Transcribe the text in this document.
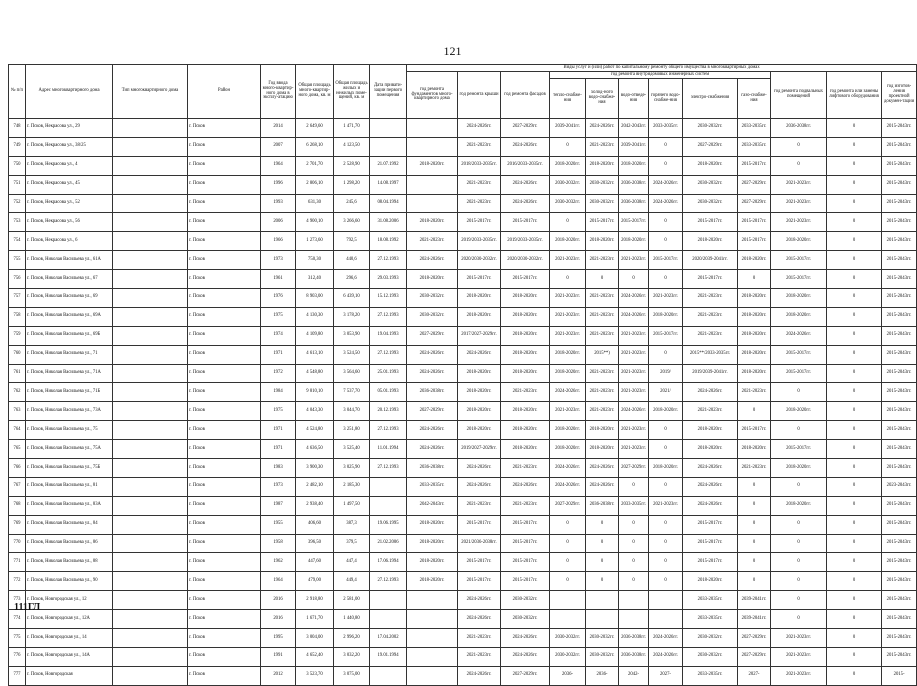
121
№ п/п	Адрес многоквартирного дома	Тип многоквартирного дома	Район	Год ввода много-квартир-ного дома в эксплу-атацию	Общая площадь много-квартир-ного дома, кв. м	Общая площадь жилых и нежилых поме-щений, кв. м	Дата привати-зации первого помещения	Виды услуг и (или) работ по капитальному ремонту общего имущества в многоквартирных домах											
								год ремонта фундаментов много-квартирного дома	год ремонта крыши	год ремонта фасадов	год ремонта внутридомовых инженерных систем						год ремонта подвальных помещений	год ремонта или замены лифтового оборудования	год изготов-ления проектной докумен-тации
											тепло-снабже-ния	холод-ного водо-снабже-ния	водо-отведе-ния	горячего водо-снабже-ния	электро-снабжения	газо-снабже-ния			
748	г. Псков, Некрасова ул., 29		г. Псков	2014	2 649,60	1 471,70			2024-2026гг.	2027-2029гг.	2039-2041гг.	2024-2026гг.	2042-2043гг.	2033-2035гг.	2030-2032гг.	2033-2035гг.	2036-2038гг.	0	2015-2043гг.
749	г. Псков, Некрасова ул., 38/25		г. Псков	2007	6 268,10	4 123,50			2021-2023гг.	2024-2026гг.	0	2021-2023гг.	2039-2041гг.	0	2027-2029гг.	2033-2035гг.	0	0	2015-2043гг.
750	г. Псков, Некрасова ул., 4		г. Псков	1964	2 701,70	2 528,90	21.07.1992	2018-2020гг.	2018/2033-2035гг.	2016/2033-2035гг.	2018-2020гг.	2018-2020гг.	2018-2020гг.	0	2018-2020гг.	2015-2017гг.	0	0	2015-2043гг.
751	г. Псков, Некрасова ул., 45		г. Псков	1996	2 806,10	1 298,20	14.08.1997		2021-2023гг.	2024-2026гг.	2030-2032гг.	2030-2032гг.	2036-2038гг.	2024-2026гг.	2030-2032гг.	2027-2029гг.	2021-2023гг.	0	2015-2043гг.
752	г. Псков, Некрасова ул., 52		г. Псков	1993	631,30	245,6	08.04.1994		2021-2023гг.	2024-2026гг.	2030-2032гг.	2030-2032гг.	2036-2038гг.	2024-2026гг.	2030-2032гг.	2027-2029гг.	2021-2023гг.	0	2015-2043гг.
753	г. Псков, Некрасова ул., 56		г. Псков	2006	4 900,10	3 266,60	31.08.2006	2018-2020гг.	2015-2017гг.	2015-2017гг.	0	2015-2017гг.	2015-2017гг.	0	2015-2017гг.	2015-2017гг.	2021-2023гг.	0	2015-2043гг.
754	г. Псков, Некрасова ул., 6		г. Псков	1966	1 273,60	792,5	18.08.1992	2021-2023гг.	2019/2033-2035гг.	2019/2033-2035гг.	2018-2020гг.	2018-2020гг.	2018-2020гг.	0	2018-2020гг.	2015-2017гг.	2018-2020гг.	0	2015-2043гг.
755	г. Псков, Николая Васильева ул., 61А		г. Псков	1973	750,30	440,6	27.12.1993	2024-2026гг.	2020/2030-2032гг.	2020/2030-2032гг.	2021-2023гг.	2021-2023гг.	2021-2023гг.	2015-2017гг.	2020/2039-2041гг.	2018-2020гг.	2015-2017гг.	0	2015-2043гг.
756	г. Псков, Николая Васильева ул., 67		г. Псков	1961	312,40	296,6	29.03.1993	2018-2020гг.	2015-2017гг.	2015-2017гг.	0	0	0	0	2015-2017гг.	0	2015-2017гг.	0	2015-2043гг.
757	г. Псков, Николая Васильева ул., 69		г. Псков	1976	8 903,00	6 439,10	15.12.1993	2030-2032гг.	2018-2020гг.	2018-2020гг.	2021-2023гг.	2021-2023гг.	2024-2026гг.	2021-2023гг.	2021-2023гг.	2018-2020гг.	2018-2020гг.	0	2015-2043гг.
758	г. Псков, Николая Васильева ул., 69А		г. Псков	1975	4 130,30	3 178,20	27.12.1993	2030-2032гг.	2018-2020гг.	2018-2020гг.	2021-2023гг.	2021-2023гг.	2024-2026гг.	2018-2020гг.	2021-2023гг.	2018-2020гг.	2018-2020гг.	0	2015-2043гг.
759	г. Псков, Николая Васильева ул., 69Б		г. Псков	1974	4 109,80	3 053,90	19.04.1993	2027-2029гг.	2017/2027-2029гг.	2018-2020гг.	2021-2023гг.	2021-2023гг.	2021-2023гг.	2015-2017гг.	2021-2023гг.	2018-2020гг.	2024-2026гг.	0	2015-2043гг.
760	г. Псков, Николая Васильева ул., 71		г. Псков	1971	4 613,10	3 524,50	27.12.1993	2024-2026гг.	2024-2026гг.	2018-2020гг.	2018-2020гг.	2015**)	2021-2023гг.	0	2015**/2033-2035гг.	2018-2020гг.	2015-2017гг.	0	2015-2043гг.
761	г. Псков, Николая Васильева ул., 71А		г. Псков	1972	4 548,80	3 564,60	25.01.1993	2024-2026гг.	2018-2020гг.	2018-2020гг.	2018-2020гг.	2021-2023гг.	2021-2023гг.	2019/	2019/2039-2041гг.	2018-2020гг.	2015-2017гг.	0	2015-2043гг.
762	г. Псков, Николая Васильева ул., 71Б		г. Псков	1984	9 810,10	7 537,70	05.01.1993	2036-2038гг.	2018-2020гг.	2021-2023гг.	2024-2026гг.	2021-2023гг.	2021-2023гг.	2021/	2024-2026гг.	2021-2023гг.	0	0	2015-2043гг.
763	г. Псков, Николая Васильева ул., 73А		г. Псков	1975	4 043,30	3 044,70	20.12.1993	2027-2029гг.	2018-2020гг.	2018-2020гг.	2021-2023гг.	2021-2023гг.	2024-2026гг.	2018-2020гг.	2021-2023гг.	0	2018-2020гг.	0	2015-2043гг.
764	г. Псков, Николая Васильева ул., 75		г. Псков	1971	4 524,80	3 251,80	27.12.1993	2024-2026гг.	2018-2020гг.	2018-2020гг.	2018-2020гг.	2018-2020гг.	2021-2023гг.	0	2018-2020гг.	2015-2017гг.	0	0	2015-2043гг.
765	г. Псков, Николая Васильева ул., 75А		г. Псков	1971	4 636,50	3 525,40	11.01.1994	2024-2026гг.	2019/2027-2029гг.	2018-2020гг.	2018-2020гг.	2018-2020гг.	2021-2023гг.	0	2018-2020гг.	2018-2020гг.	2015-2017гг.	0	2015-2043гг.
766	г. Псков, Николая Васильева ул., 75Б		г. Псков	1983	3 900,30	3 025,90	27.12.1993	2036-2038гг.	2024-2026гг.	2021-2023гг.	2024-2026гг.	2024-2026гг.	2027-2029гг.	2018-2020гг.	2024-2026гг.	2021-2023гг.	2018-2020гг.	0	2015-2043гг.
767	г. Псков, Николая Васильева ул., 81		г. Псков	1973	2 482,10	2 185,30		2033-2035гг.	2024-2026гг.	2024-2026гг.	2024-2026гг.	2024-2026гг.	0	0	2024-2026гг.	0	0	0	2023-2043гг.
768	г. Псков, Николая Васильева ул., 83А		г. Псков	1987	2 938,40	1 497,50		2042-2043гг.	2021-2023гг.	2021-2023гг.	2027-2029гг.	2036-2038гг.	2033-2035гг.	2021-2023гг.	2024-2026гг.	0	2018-2020гг.	0	2015-2043гг.
769	г. Псков, Николая Васильева ул., 84		г. Псков	1955	406,60	387,3	19.06.1995	2018-2020гг.	2015-2017гг.	2015-2017гг.	0	0	0	0	2015-2017гг.	0	0	0	2015-2043гг.
770	г. Псков, Николая Васильева ул., 86		г. Псков	1958	396,50	379,5	21.02.2006	2018-2020гг.	2021/2036-2038гг.	2015-2017гг.	0	0	0	0	2015-2017гг.	0	0	0	2015-2043гг.
771	г. Псков, Николая Васильева ул., 88		г. Псков	1962	447,60	447,4	17.06.1994	2018-2020гг.	2015-2017гг.	2015-2017гг.	0	0	0	0	2015-2017гг.	0	0	0	2015-2043гг.
772	г. Псков, Николая Васильева ул., 90		г. Псков	1964	479,00	449,4	27.12.1993	2018-2020гг.	2015-2017гг.	2015-2017гг.	0	0	0	0	2018-2020гг.	0	0	0	2015-2043гг.
773	г. Псков, Новгородская ул., 12		г. Псков	2016	2 918,80	2 581,00			2024-2026гг.	2030-2032гг.					2033-2035гг.	2039-2041гг.	0	0	2015-2043гг.
774	г. Псков, Новгородская ул., 12А		г. Псков	2016	1 671,70	1 440,80			2024-2026гг.	2030-2032гг.					2033-2035гг.	2039-2041гг.	0	0	2015-2043гг.
775	г. Псков, Новгородская ул., 14		г. Псков	1995	3 004,00	2 996,20	17.04.2002		2021-2023гг.	2024-2026гг.	2030-2032гг.	2030-2032гг.	2036-2038гг.	2024-2026гг.	2030-2032гг.	2027-2029гг.	2021-2023гг.	0	2015-2043гг.
776	г. Псков, Новгородская ул., 14А		г. Псков	1991	4 652,40	3 032,20	19.01.1994		2021-2023гг.	2024-2026гг.	2030-2032гг.	2030-2032гг.	2036-2038гг.	2024-2026гг.	2030-2032гг.	2027-2029гг.	2021-2023гг.	0	2015-2043гг.
777	г. Псков, Новгородская		г. Псков	2012	3 523,70	3 075,00			2024-2026гг.	2027-2029гг.	2036-	2036-	2042-	2027-	2033-2035гг.	2027-	2021-2023гг.	0	2015-
111ГЛ
